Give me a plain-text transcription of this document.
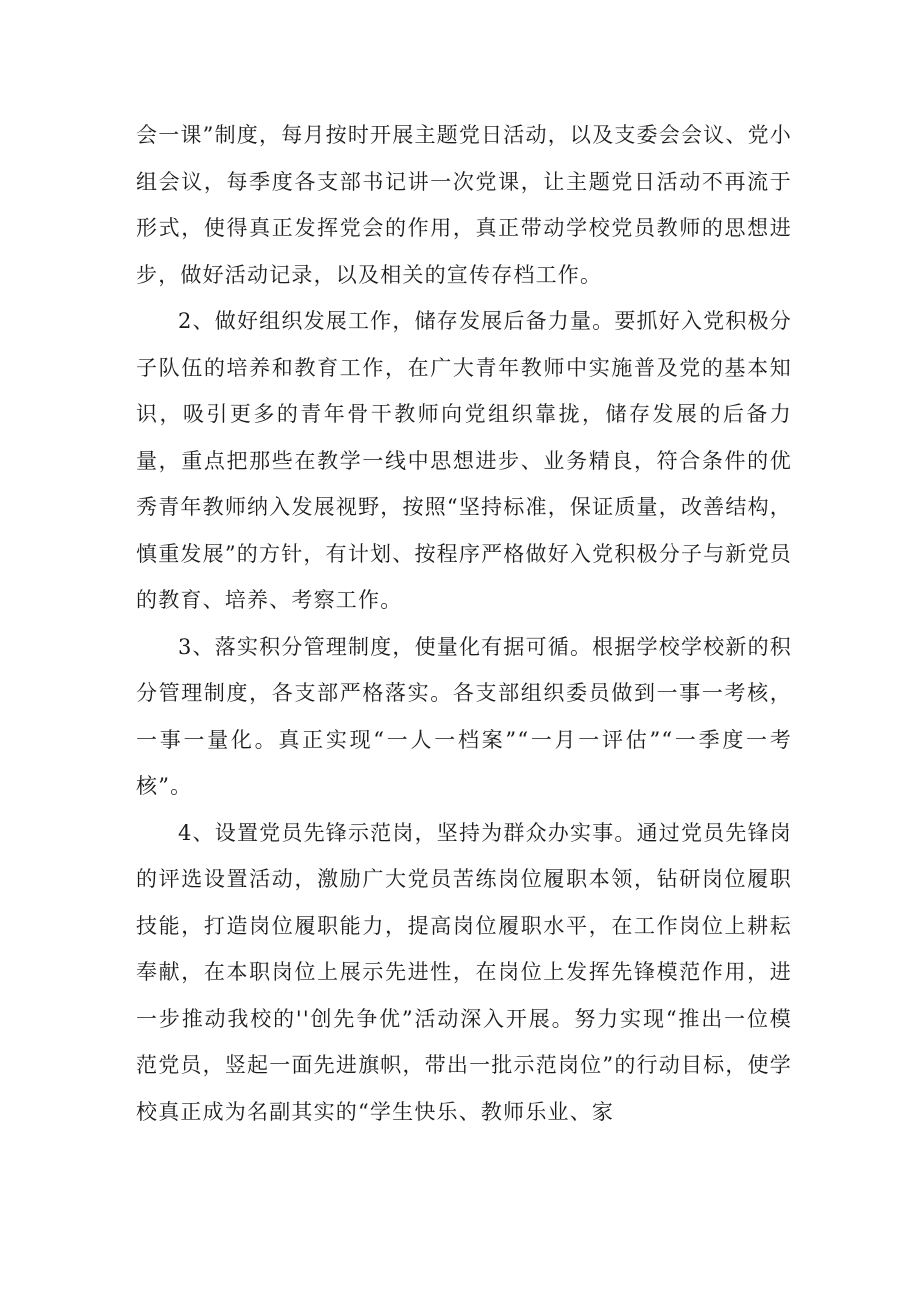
会一课”制度，每月按时开展主题党日活动，以及支委会会议、党小组会议，每季度各支部书记讲一次党课，让主题党日活动不再流于形式，使得真正发挥党会的作用，真正带动学校党员教师的思想进步，做好活动记录，以及相关的宣传存档工作。

2、做好组织发展工作，储存发展后备力量。要抓好入党积极分子队伍的培养和教育工作，在广大青年教师中实施普及党的基本知识，吸引更多的青年骨干教师向党组织靠拢，储存发展的后备力量，重点把那些在教学一线中思想进步、业务精良，符合条件的优秀青年教师纳入发展视野，按照“坚持标准，保证质量，改善结构，慎重发展”的方针，有计划、按程序严格做好入党积极分子与新党员的教育、培养、考察工作。

3、落实积分管理制度，使量化有据可循。根据学校学校新的积分管理制度，各支部严格落实。各支部组织委员做到一事一考核，一事一量化。真正实现“一人一档案”“一月一评估”“一季度一考核”。

4、设置党员先锋示范岗，坚持为群众办实事。通过党员先锋岗的评选设置活动，激励广大党员苦练岗位履职本领，钻研岗位履职技能，打造岗位履职能力，提高岗位履职水平，在工作岗位上耕耘奉献，在本职岗位上展示先进性，在岗位上发挥先锋模范作用，进一步推动我校的''创先争优”活动深入开展。努力实现“推出一位模范党员，竖起一面先进旗帜，带出一批示范岗位”的行动目标，使学校真正成为名副其实的“学生快乐、教师乐业、家
